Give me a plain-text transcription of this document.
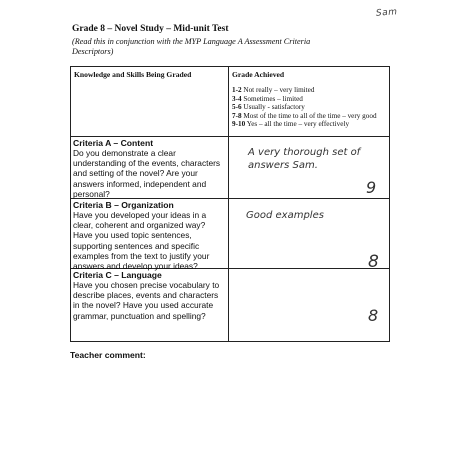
Sam
Grade 8 – Novel Study – Mid-unit Test
(Read this in conjunction with the MYP Language A Assessment Criteria Descriptors)
Knowledge and Skills Being Graded	Grade Achieved
1-2 Not really – very limited
3-4 Sometimes – limited
5-6 Usually - satisfactory
7-8 Most of the time to all of the time – very good
9-10 Yes – all the time – very effectively
Criteria A – Content
Do you demonstrate a clear understanding of the events, characters and setting of the novel? Are your answers informed, independent and personal?
A very thorough set of answers Sam.
9
Criteria B – Organization
Have you developed your ideas in a clear, coherent and organized way? Have you used topic sentences, supporting sentences and specific examples from the text to justify your answers and develop your ideas?
Good examples
8
Criteria C – Language
Have you chosen precise vocabulary to describe places, events and characters in the novel? Have you used accurate grammar, punctuation and spelling?	8
Teacher comment:
